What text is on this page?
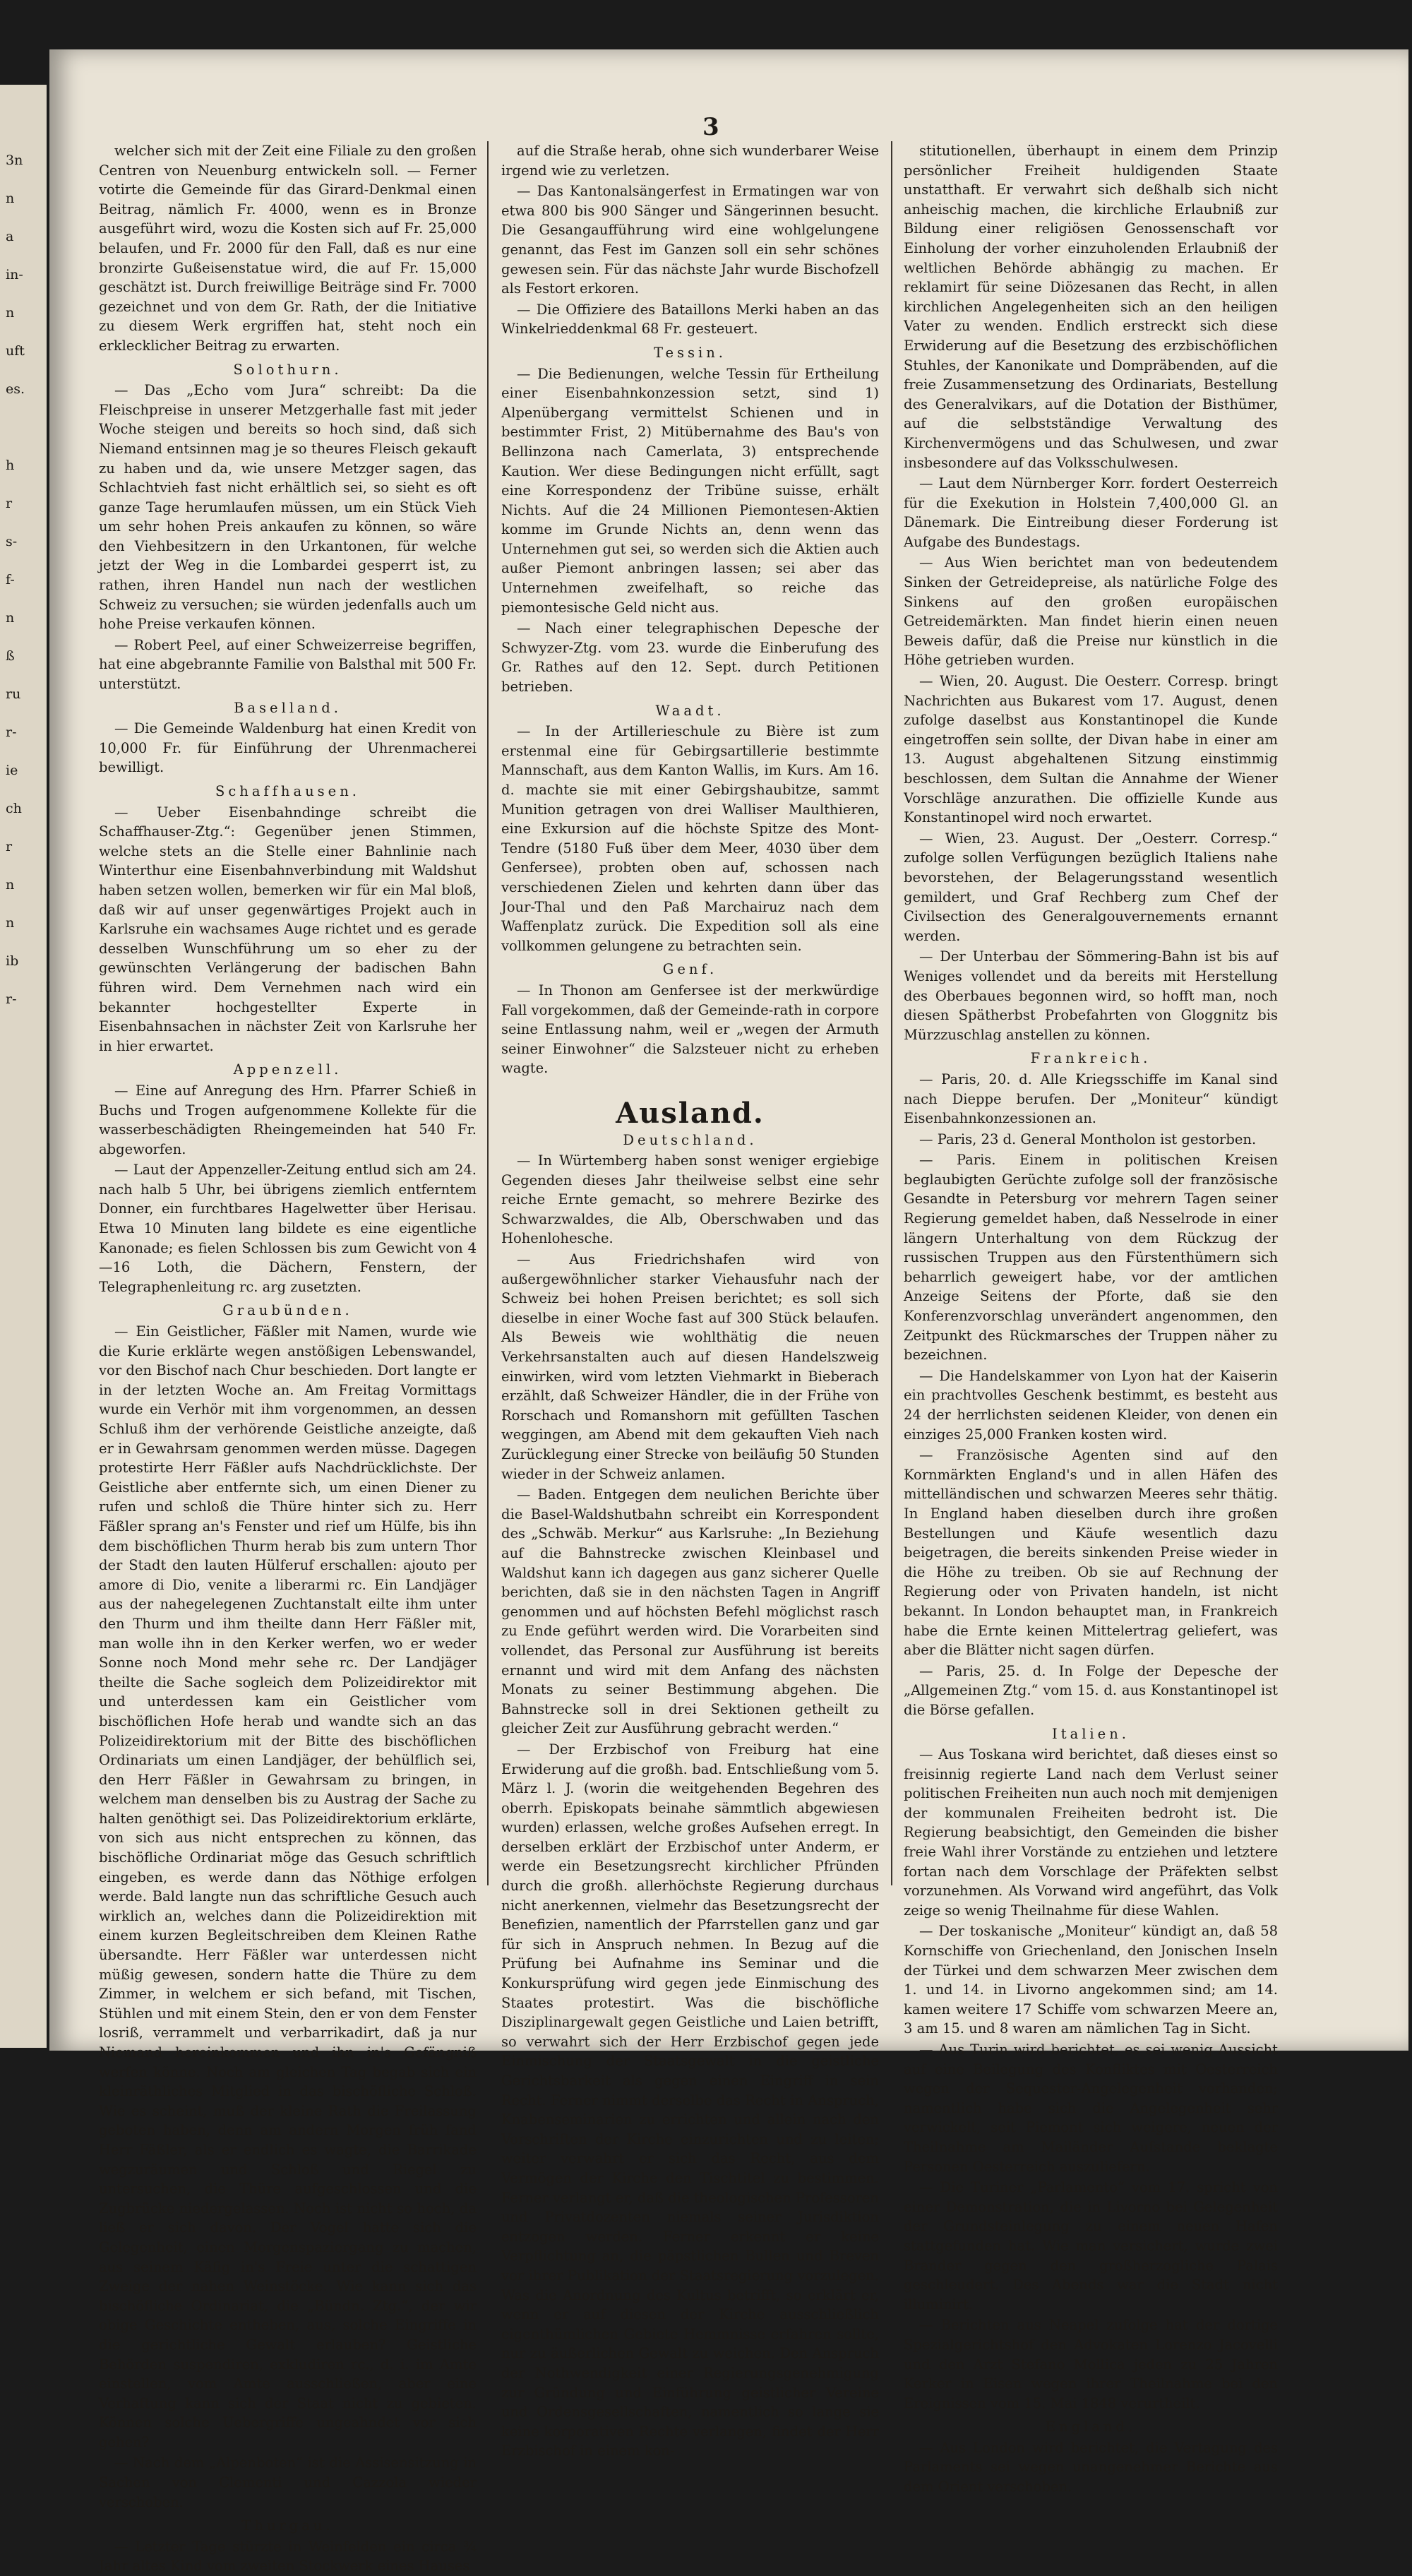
3n
n
a
in-
n
uft
es.
h
r
s-
f-
n
ß
ru
r-
ie
ch
r
n
n
ib
r-
3

welcher sich mit der Zeit eine Filiale zu den großen Centren von Neuenburg entwickeln soll. — Ferner votirte die Gemeinde für das Girard-Denkmal einen Beitrag, nämlich Fr. 4000, wenn es in Bronze ausgeführt wird, wozu die Kosten sich auf Fr. 25,000 belaufen, und Fr. 2000 für den Fall, daß es nur eine bronzirte Gußeisenstatue wird, die auf Fr. 15,000 geschätzt ist. Durch freiwillige Beiträge sind Fr. 7000 gezeichnet und von dem Gr. Rath, der die Initiative zu diesem Werk ergriffen hat, steht noch ein erklecklicher Beitrag zu erwarten.

Solothurn.

— Das „Echo vom Jura“ schreibt: Da die Fleischpreise in unserer Metzgerhalle fast mit jeder Woche steigen und bereits so hoch sind, daß sich Niemand entsinnen mag je so theures Fleisch gekauft zu haben und da, wie unsere Metzger sagen, das Schlachtvieh fast nicht erhältlich sei, so sieht es oft ganze Tage herumlaufen müssen, um ein Stück Vieh um sehr hohen Preis ankaufen zu können, so wäre den Viehbesitzern in den Urkantonen, für welche jetzt der Weg in die Lombardei gesperrt ist, zu rathen, ihren Handel nun nach der westlichen Schweiz zu versuchen; sie würden jedenfalls auch um hohe Preise verkaufen können.

— Robert Peel, auf einer Schweizerreise begriffen, hat eine abgebrannte Familie von Balsthal mit 500 Fr. unterstützt.

Baselland.

— Die Gemeinde Waldenburg hat einen Kredit von 10,000 Fr. für Einführung der Uhrenmacherei bewilligt.

Schaffhausen.

— Ueber Eisenbahndinge schreibt die Schaffhauser-Ztg.“: Gegenüber jenen Stimmen, welche stets an die Stelle einer Bahnlinie nach Winterthur eine Eisenbahnverbindung mit Waldshut haben setzen wollen, bemerken wir für ein Mal bloß, daß wir auf unser gegenwärtiges Projekt auch in Karlsruhe ein wachsames Auge richtet und es gerade desselben Wunschführung um so eher zu der gewünschten Verlängerung der badischen Bahn führen wird. Dem Vernehmen nach wird ein bekannter hochgestellter Experte in Eisenbahnsachen in nächster Zeit von Karlsruhe her in hier erwartet.

Appenzell.

— Eine auf Anregung des Hrn. Pfarrer Schieß in Buchs und Trogen aufgenommene Kollekte für die wasserbeschädigten Rheingemeinden hat 540 Fr. abgeworfen.

— Laut der Appenzeller-Zeitung entlud sich am 24. nach halb 5 Uhr, bei übrigens ziemlich entferntem Donner, ein furchtbares Hagelwetter über Herisau. Etwa 10 Minuten lang bildete es eine eigentliche Kanonade; es fielen Schlossen bis zum Gewicht von 4—16 Loth, die Dächern, Fenstern, der Telegraphenleitung rc. arg zusetzten.

Graubünden.

— Ein Geistlicher, Fäßler mit Namen, wurde wie die Kurie erklärte wegen anstößigen Lebenswandel, vor den Bischof nach Chur beschieden. Dort langte er in der letzten Woche an. Am Freitag Vormittags wurde ein Verhör mit ihm vorgenommen, an dessen Schluß ihm der verhörende Geistliche anzeigte, daß er in Gewahrsam genommen werden müsse. Dagegen protestirte Herr Fäßler aufs Nachdrücklichste. Der Geistliche aber entfernte sich, um einen Diener zu rufen und schloß die Thüre hinter sich zu. Herr Fäßler sprang an's Fenster und rief um Hülfe, bis ihn dem bischöflichen Thurm herab bis zum untern Thor der Stadt den lauten Hülferuf erschallen: ajouto per amore di Dio, venite a liberarmi rc. Ein Landjäger aus der nahegelegenen Zuchtanstalt eilte ihm unter den Thurm und ihm theilte dann Herr Fäßler mit, man wolle ihn in den Kerker werfen, wo er weder Sonne noch Mond mehr sehe rc. Der Landjäger theilte die Sache sogleich dem Polizeidirektor mit und unterdessen kam ein Geistlicher vom bischöflichen Hofe herab und wandte sich an das Polizeidirektorium mit der Bitte des bischöflichen Ordinariats um einen Landjäger, der behülflich sei, den Herr Fäßler in Gewahrsam zu bringen, in welchem man denselben bis zu Austrag der Sache zu halten genöthigt sei. Das Polizeidirektorium erklärte, von sich aus nicht entsprechen zu können, das bischöfliche Ordinariat möge das Gesuch schriftlich eingeben, es werde dann das Nöthige erfolgen werde. Bald langte nun das schriftliche Gesuch auch wirklich an, welches dann die Polizeidirektion mit einem kurzen Begleitschreiben dem Kleinen Rathe übersandte. Herr Fäßler war unterdessen nicht müßig gewesen, sondern hatte die Thüre zu dem Zimmer, in welchem er sich befand, mit Tischen, Stühlen und mit einem Stein, den er von dem Fenster losriß, verrammelt und verbarrikadirt, daß ja nur Niemand hereinkommen und ihn in's Gefängniß werfen könne. Noch am gleichen Tag begab sich ein kleinräthliches Mitglied in das bischöfliche Schloß. Wie es scheint, muß der kleine Rath die Freilassung geboten haben, denn am andern Morgen früh fand Herr Fäßler, als er endlich es wagte, die Barrikade wegzuräumen und Schloß und Riegel zu untersuchen, die Thüre aufgeschlossen und die Zugbrücke niedergelassen. Noch ist nicht so hoch, da ließ er sich davon. Der Vogel hatte sich die Gelegenheit, einen Morgenspaziergang zu machen, aus seinem Käfig in's Freie unter die schattigen Zweige der nahen Weinstöcke. Wie kann sich das bischöfliche Ordinariat, die „Bündn. Ztg.“, der wir obige Geschichte entheben, aus, solche Eingriffe in die gerichtliche Gewalt erlauben? Geistliche Behörden suspendiren, exkludiren rc., d. i. im Amte einstellen, vom Amte ausschließen, aber eine Verhaftung kann sich der Staat nicht zu gebieten. Können solche Uebergriffe ungeahndet vor sich gehen?

— Nach dem „Alpenboten“ ist die Assisensitzung in Sachen von Clementi und Cazzola wieder verschoben.

Thurgau.

— Letzter Tage stürzte in Weinfelden ein circa ¾ Jahr altes Kind vom zweiten Stockwerk eines Hauses

auf die Straße herab, ohne sich wunderbarer Weise irgend wie zu verletzen.

— Das Kantonalsängerfest in Ermatingen war von etwa 800 bis 900 Sänger und Sängerinnen besucht. Die Gesangaufführung wird eine wohlgelungene genannt, das Fest im Ganzen soll ein sehr schönes gewesen sein. Für das nächste Jahr wurde Bischofzell als Festort erkoren.

— Die Offiziere des Bataillons Merki haben an das Winkelrieddenkmal 68 Fr. gesteuert.

Tessin.

— Die Bedienungen, welche Tessin für Ertheilung einer Eisenbahnkonzession setzt, sind 1) Alpenübergang vermittelst Schienen und in bestimmter Frist, 2) Mitübernahme des Bau's von Bellinzona nach Camerlata, 3) entsprechende Kaution. Wer diese Bedingungen nicht erfüllt, sagt eine Korrespondenz der Tribüne suisse, erhält Nichts. Auf die 24 Millionen Piemontesen-Aktien komme im Grunde Nichts an, denn wenn das Unternehmen gut sei, so werden sich die Aktien auch außer Piemont anbringen lassen; sei aber das Unternehmen zweifelhaft, so reiche das piemontesische Geld nicht aus.

— Nach einer telegraphischen Depesche der Schwyzer-Ztg. vom 23. wurde die Einberufung des Gr. Rathes auf den 12. Sept. durch Petitionen betrieben.

Waadt.

— In der Artillerieschule zu Bière ist zum erstenmal eine für Gebirgsartillerie bestimmte Mannschaft, aus dem Kanton Wallis, im Kurs. Am 16. d. machte sie mit einer Gebirgshaubitze, sammt Munition getragen von drei Walliser Maulthieren, eine Exkursion auf die höchste Spitze des Mont-Tendre (5180 Fuß über dem Meer, 4030 über dem Genfersee), probten oben auf, schossen nach verschiedenen Zielen und kehrten dann über das Jour-Thal und den Paß Marchairuz nach dem Waffenplatz zurück. Die Expedition soll als eine vollkommen gelungene zu betrachten sein.

Genf.

— In Thonon am Genfersee ist der merkwürdige Fall vorgekommen, daß der Gemeinde-rath in corpore seine Entlassung nahm, weil er „wegen der Armuth seiner Einwohner“ die Salzsteuer nicht zu erheben wagte.

Ausland.

Deutschland.

— In Würtemberg haben sonst weniger ergiebige Gegenden dieses Jahr theilweise selbst eine sehr reiche Ernte gemacht, so mehrere Bezirke des Schwarzwaldes, die Alb, Oberschwaben und das Hohenlohesche.

— Aus Friedrichshafen wird von außergewöhnlicher starker Viehausfuhr nach der Schweiz bei hohen Preisen berichtet; es soll sich dieselbe in einer Woche fast auf 300 Stück belaufen. Als Beweis wie wohlthätig die neuen Verkehrsanstalten auch auf diesen Handelszweig einwirken, wird vom letzten Viehmarkt in Bieberach erzählt, daß Schweizer Händler, die in der Frühe von Rorschach und Romanshorn mit gefüllten Taschen weggingen, am Abend mit dem gekauften Vieh nach Zurücklegung einer Strecke von beiläufig 50 Stunden wieder in der Schweiz anlamen.

— Baden. Entgegen dem neulichen Berichte über die Basel-Waldshutbahn schreibt ein Korrespondent des „Schwäb. Merkur“ aus Karlsruhe: „In Beziehung auf die Bahnstrecke zwischen Kleinbasel und Waldshut kann ich dagegen aus ganz sicherer Quelle berichten, daß sie in den nächsten Tagen in Angriff genommen und auf höchsten Befehl möglichst rasch zu Ende geführt werden wird. Die Vorarbeiten sind vollendet, das Personal zur Ausführung ist bereits ernannt und wird mit dem Anfang des nächsten Monats zu seiner Bestimmung abgehen. Die Bahnstrecke soll in drei Sektionen getheilt zu gleicher Zeit zur Ausführung gebracht werden.“

— Der Erzbischof von Freiburg hat eine Erwiderung auf die großh. bad. Entschließung vom 5. März l. J. (worin die weitgehenden Begehren des oberrh. Episkopats beinahe sämmtlich abgewiesen wurden) erlassen, welche großes Aufsehen erregt. In derselben erklärt der Erzbischof unter Anderm, er werde ein Besetzungsrecht kirchlicher Pfründen durch die großh. allerhöchste Regierung durchaus nicht anerkennen, vielmehr das Besetzungsrecht der Benefizien, namentlich der Pfarrstellen ganz und gar für sich in Anspruch nehmen. In Bezug auf die Prüfung bei Aufnahme ins Seminar und die Konkursprüfung wird gegen jede Einmischung des Staates protestirt. Was die bischöfliche Disziplinargewalt gegen Geistliche und Laien betrifft, so verwahrt sich der Herr Erzbischof gegen jede Einmischung der Staatsgewalt in die geistliche Gerichtsbarkeit als gegen einen Eingriff in sein Recht. Ferner nimmt derselbe das Recht in Anspruch, Knabenseminarien zu errichten und allein nach den Vorschriften der Kirche einzurichten und zu leiten; weiter verwahrt er sich das Recht, aus dem Vermögen der Kirche den Tischtitel zu bestimmen. Ferner verlangt er, daß die theologischen Professoren und Privatdozenten niemals seiner Jurisdiktion entzogen werden. Ferner erkennt er keine Verpflichtung an, die päpstlichen Bullen und Breven vor ihrer Publikation der Staatsregierung vorzulegen. Was die Anordnung des Kultus betrifft, so erklärt er, wenn er auf diesen der Kirche ausschließlich eigenthümlichen Gebiete Hemmnisse erfahren sollte, nur zu äußerlichen Gewalt zu weichen. Den Anspruch der Nothwendigkeit einer Regierungsgenehmigung zur Gründung und Einführung geistlicher Vereine und Ordensgesellschaften, namentlich so lange sie keine korporativen Rechte verlangen, findet der Herr Erzbischof in einem kon-

stitutionellen, überhaupt in einem dem Prinzip persönlicher Freiheit huldigenden Staate unstatthaft. Er verwahrt sich deßhalb sich nicht anheischig machen, die kirchliche Erlaubniß zur Bildung einer religiösen Genossenschaft vor Einholung der vorher einzuholenden Erlaubniß der weltlichen Behörde abhängig zu machen. Er reklamirt für seine Diözesanen das Recht, in allen kirchlichen Angelegenheiten sich an den heiligen Vater zu wenden. Endlich erstreckt sich diese Erwiderung auf die Besetzung des erzbischöflichen Stuhles, der Kanonikate und Dompräbenden, auf die freie Zusammensetzung des Ordinariats, Bestellung des Generalvikars, auf die Dotation der Bisthümer, auf die selbstständige Verwaltung des Kirchenvermögens und das Schulwesen, und zwar insbesondere auf das Volksschulwesen.

— Laut dem Nürnberger Korr. fordert Oesterreich für die Exekution in Holstein 7,400,000 Gl. an Dänemark. Die Eintreibung dieser Forderung ist Aufgabe des Bundestags.

— Aus Wien berichtet man von bedeutendem Sinken der Getreidepreise, als natürliche Folge des Sinkens auf den großen europäischen Getreidemärkten. Man findet hierin einen neuen Beweis dafür, daß die Preise nur künstlich in die Höhe getrieben wurden.

— Wien, 20. August. Die Oesterr. Corresp. bringt Nachrichten aus Bukarest vom 17. August, denen zufolge daselbst aus Konstantinopel die Kunde eingetroffen sein sollte, der Divan habe in einer am 13. August abgehaltenen Sitzung einstimmig beschlossen, dem Sultan die Annahme der Wiener Vorschläge anzurathen. Die offizielle Kunde aus Konstantinopel wird noch erwartet.

— Wien, 23. August. Der „Oesterr. Corresp.“ zufolge sollen Verfügungen bezüglich Italiens nahe bevorstehen, der Belagerungsstand wesentlich gemildert, und Graf Rechberg zum Chef der Civilsection des Generalgouvernements ernannt werden.

— Der Unterbau der Sömmering-Bahn ist bis auf Weniges vollendet und da bereits mit Herstellung des Oberbaues begonnen wird, so hofft man, noch diesen Spätherbst Probefahrten von Gloggnitz bis Mürzzuschlag anstellen zu können.

Frankreich.

— Paris, 20. d. Alle Kriegsschiffe im Kanal sind nach Dieppe berufen. Der „Moniteur“ kündigt Eisenbahnkonzessionen an.

— Paris, 23 d. General Montholon ist gestorben.

— Paris. Einem in politischen Kreisen beglaubigten Gerüchte zufolge soll der französische Gesandte in Petersburg vor mehrern Tagen seiner Regierung gemeldet haben, daß Nesselrode in einer längern Unterhaltung von dem Rückzug der russischen Truppen aus den Fürstenthümern sich beharrlich geweigert habe, vor der amtlichen Anzeige Seitens der Pforte, daß sie den Konferenzvorschlag unverändert angenommen, den Zeitpunkt des Rückmarsches der Truppen näher zu bezeichnen.

— Die Handelskammer von Lyon hat der Kaiserin ein prachtvolles Geschenk bestimmt, es besteht aus 24 der herrlichsten seidenen Kleider, von denen ein einziges 25,000 Franken kosten wird.

— Französische Agenten sind auf den Kornmärkten England's und in allen Häfen des mittelländischen und schwarzen Meeres sehr thätig. In England haben dieselben durch ihre großen Bestellungen und Käufe wesentlich dazu beigetragen, die bereits sinkenden Preise wieder in die Höhe zu treiben. Ob sie auf Rechnung der Regierung oder von Privaten handeln, ist nicht bekannt. In London behauptet man, in Frankreich habe die Ernte keinen Mittelertrag geliefert, was aber die Blätter nicht sagen dürfen.

— Paris, 25. d. In Folge der Depesche der „Allgemeinen Ztg.“ vom 15. d. aus Konstantinopel ist die Börse gefallen.

Italien.

— Aus Toskana wird berichtet, daß dieses einst so freisinnig regierte Land nach dem Verlust seiner politischen Freiheiten nun auch noch mit demjenigen der kommunalen Freiheiten bedroht ist. Die Regierung beabsichtigt, den Gemeinden die bisher freie Wahl ihrer Vorstände zu entziehen und letztere fortan nach dem Vorschlage der Präfekten selbst vorzunehmen. Als Vorwand wird angeführt, das Volk zeige so wenig Theilnahme für diese Wahlen.

— Der toskanische „Moniteur“ kündigt an, daß 58 Kornschiffe von Griechenland, den Jonischen Inseln der Türkei und dem schwarzen Meer zwischen dem 1. und 14. in Livorno angekommen sind; am 14. kamen weitere 17 Schiffe vom schwarzen Meere an, 3 am 15. und 8 waren am nämlichen Tag in Sicht.

— Aus Turin wird berichtet, es sei wenig Aussicht auf eine Beilegung des Konfliktes mit Oesterreich wegen der Sequester-Angelegenheit vorhanden; namentlich habe sich die Angelegenheit sehr verwickelt, seit Piemont sich weigere, neuen der Theilnahme am Mailänder Aufstande beklagte Personen Oesterreich auszuliefern.

— Die Turiner „Parlamento“ vom 17. spricht von einer Demonstration, die in Livorno bei Gelegenheit der Grundsteinlegung zu einem neuen Hafen stattgefunden hat. Wie man versichert, wurde zwei Brander gegen den großherzogliche Palais geschleudert. Des Abends war die Stadt nicht illuminirt.

— Berichten aus Neapel zufolge hat der dortige Spezialgerichtshof den Advokaten Lorenzo Jacovelli und den Arzt Stefano Mollica jeden zu 25 Jahren Kerker in Eisen wegen ihrer Theilnahme bei den Ereignissen vom 15. Mai 1848 verurtheilt.

England.

— Aus London wird berichtet, die Vertagung des Parlaments sei wegen unangenehmer Berichte aus dem Orient verschoben.
